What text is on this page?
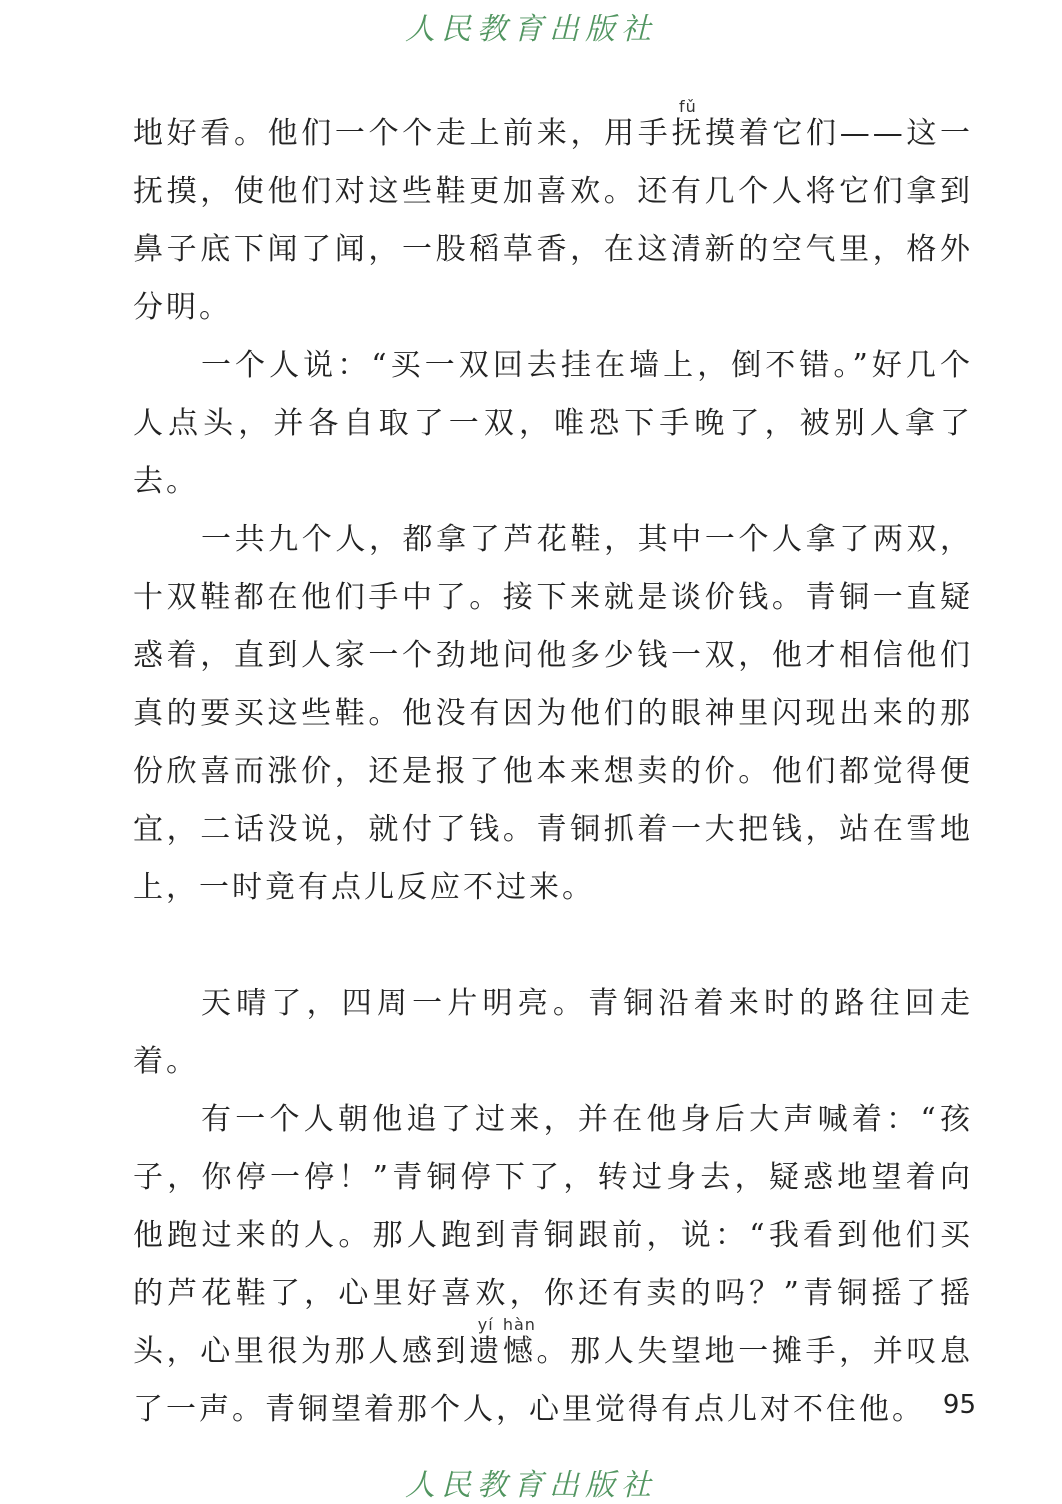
人民教育出版社

地好看。他们一个个走上前来，用手抚fǔ摸着它们——这一抚摸，使他们对这些鞋更加喜欢。还有几个人将它们拿到鼻子底下闻了闻，一股稻草香，在这清新的空气里，格外分明。

一个人说：“买一双回去挂在墙上，倒不错。”好几个人点头，并各自取了一双，唯恐下手晚了，被别人拿了去。

一共九个人，都拿了芦花鞋，其中一个人拿了两双，十双鞋都在他们手中了。接下来就是谈价钱。青铜一直疑惑着，直到人家一个劲地问他多少钱一双，他才相信他们真的要买这些鞋。他没有因为他们的眼神里闪现出来的那份欣喜而涨价，还是报了他本来想卖的价。他们都觉得便宜，二话没说，就付了钱。青铜抓着一大把钱，站在雪地上，一时竟有点儿反应不过来。

天晴了，四周一片明亮。青铜沿着来时的路往回走着。

有一个人朝他追了过来，并在他身后大声喊着：“孩子，你停一停！”青铜停下了，转过身去，疑惑地望着向他跑过来的人。那人跑到青铜跟前，说：“我看到他们买的芦花鞋了，心里好喜欢，你还有卖的吗？”青铜摇了摇头，心里很为那人感到遗yí憾hàn。那人失望地一摊手，并叹息了一声。青铜望着那个人，心里觉得有点儿对不住他。 95
人民教育出版社
